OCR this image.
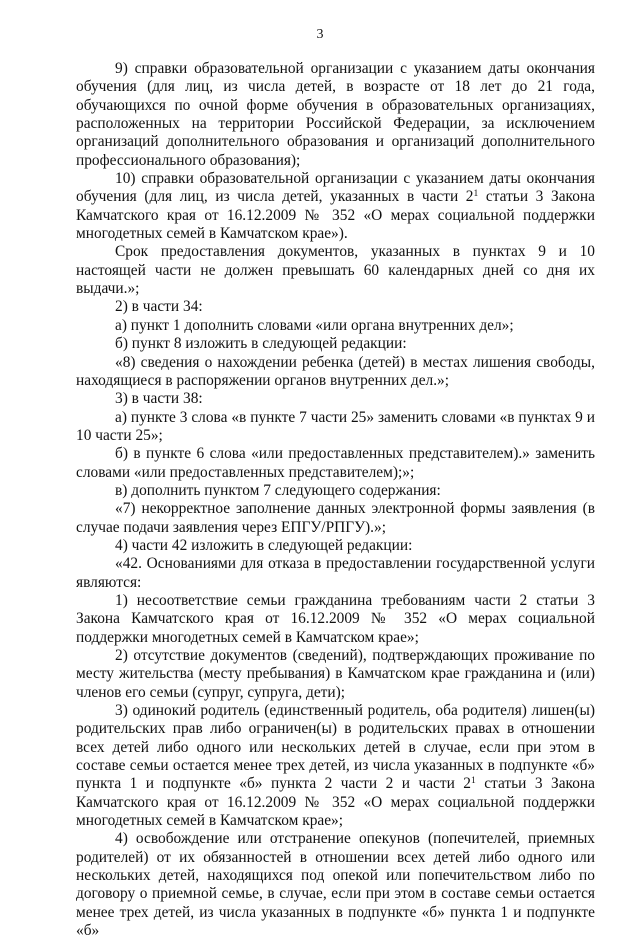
3

9) справки образовательной организации с указанием даты окончания обучения (для лиц, из числа детей, в возрасте от 18 лет до 21 года, обучающихся по очной форме обучения в образовательных организациях, расположенных на территории Российской Федерации, за исключением организаций дополнительного образования и организаций дополнительного профессионального образования);

10) справки образовательной организации с указанием даты окончания обучения (для лиц, из числа детей, указанных в части $2^1$ статьи 3 Закона Камчатского края от 16.12.2009 № 352 «О мерах социальной поддержки многодетных семей в Камчатском крае»).

Срок предоставления документов, указанных в пунктах 9 и 10 настоящей части не должен превышать 60 календарных дней со дня их выдачи.»;

2) в части 34:

а) пункт 1 дополнить словами «или органа внутренних дел»;

б) пункт 8 изложить в следующей редакции:

«8) сведения о нахождении ребенка (детей) в местах лишения свободы, находящиеся в распоряжении органов внутренних дел.»;

3) в части 38:

а) пункте 3 слова «в пункте 7 части 25» заменить словами «в пунктах 9 и 10 части 25»;

б) в пункте 6 слова «или предоставленных представителем).» заменить словами «или предоставленных представителем);»;

в) дополнить пунктом 7 следующего содержания:

«7) некорректное заполнение данных электронной формы заявления (в случае подачи заявления через ЕПГУ/РПГУ).»;

4) части 42 изложить в следующей редакции:

«42. Основаниями для отказа в предоставлении государственной услуги являются:

1) несоответствие семьи гражданина требованиям части 2 статьи 3 Закона Камчатского края от 16.12.2009 № 352 «О мерах социальной поддержки многодетных семей в Камчатском крае»;

2) отсутствие документов (сведений), подтверждающих проживание по месту жительства (месту пребывания) в Камчатском крае гражданина и (или) членов его семьи (супруг, супруга, дети);

3) одинокий родитель (единственный родитель, оба родителя) лишен(ы) родительских прав либо ограничен(ы) в родительских правах в отношении всех детей либо одного или нескольких детей в случае, если при этом в составе семьи остается менее трех детей, из числа указанных в подпункте «б» пункта 1 и подпункте «б» пункта 2 части 2 и части $2^1$ статьи 3 Закона Камчатского края от 16.12.2009 № 352 «О мерах социальной поддержки многодетных семей в Камчатском крае»;

4) освобождение или отстранение опекунов (попечителей, приемных родителей) от их обязанностей в отношении всех детей либо одного или нескольких детей, находящихся под опекой или попечительством либо по договору о приемной семье, в случае, если при этом в составе семьи остается менее трех детей, из числа указанных в подпункте «б» пункта 1 и подпункте «б»
